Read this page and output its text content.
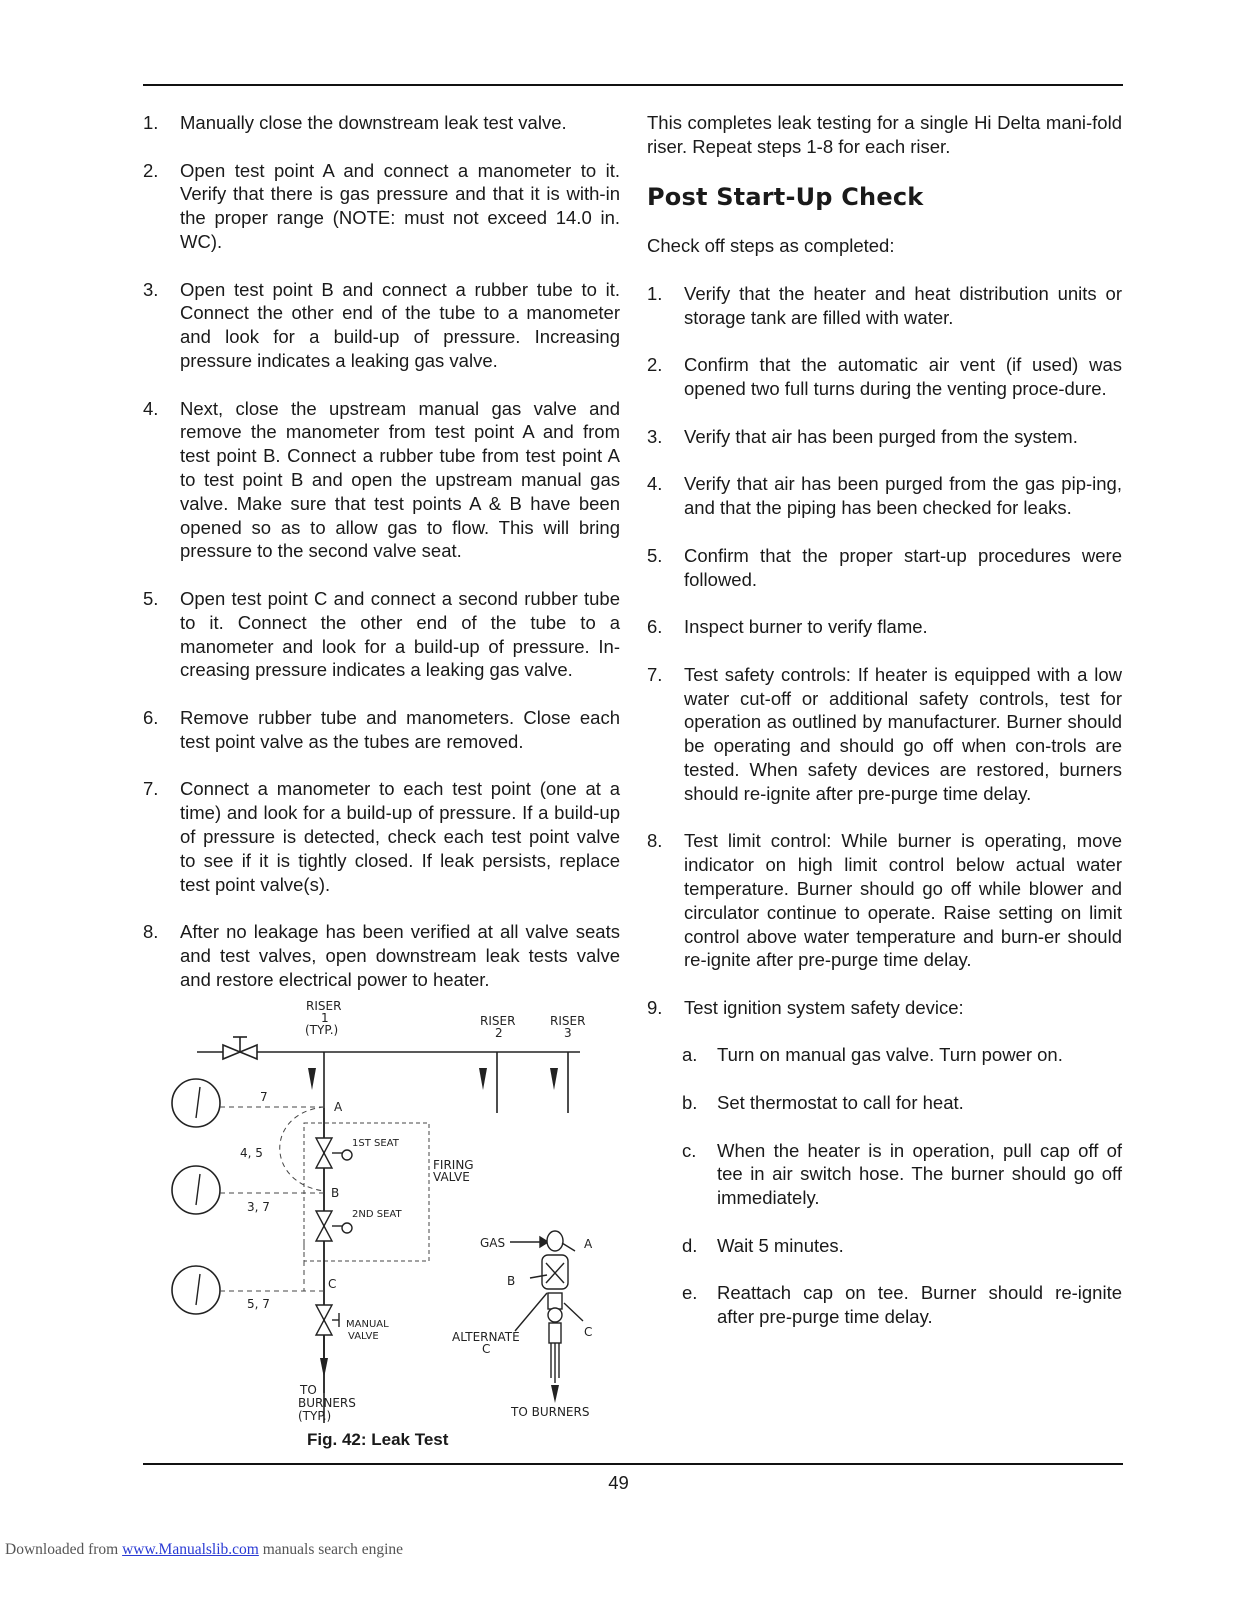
1.	Manually close the downstream leak test valve.
2.	Open test point A and connect a manometer to it. Verify that there is gas pressure and that it is with-in the proper range (NOTE: must not exceed 14.0 in. WC).
3.	Open test point B and connect a rubber tube to it. Connect the other end of the tube to a manometer and look for a build-up of pressure. Increasing pressure indicates a leaking gas valve.
4.	Next, close the upstream manual gas valve and remove the manometer from test point A and from test point B. Connect a rubber tube from test point A to test point B and open the upstream manual gas valve. Make sure that test points A & B have been opened so as to allow gas to flow. This will bring pressure to the second valve seat.
5.	Open test point C and connect a second rubber tube to it. Connect the other end of the tube to a manometer and look for a build-up of pressure. In-creasing pressure indicates a leaking gas valve.
6.	Remove rubber tube and manometers. Close each test point valve as the tubes are removed.
7.	Connect a manometer to each test point (one at a time) and look for a build-up of pressure. If a build-up of pressure is detected, check each test point valve to see if it is tightly closed. If leak persists, replace test point valve(s).
8.	After no leakage has been verified at all valve seats and test valves, open downstream leak tests valve and restore electrical power to heater.
RISER
1
(TYP.)
RISER
2
RISER
3
7
4, 5
3, 7
5, 7
A
B
C
1ST SEAT
2ND SEAT
FIRING
VALVE
MANUAL
VALVE
TO
BURNERS
(TYP.)
GAS	A
B
C
ALTERNATE
C
TO BURNERS
Fig. 42: Leak Test

This completes leak testing for a single Hi Delta mani-fold riser. Repeat steps 1-8 for each riser.

Post Start-Up Check

Check off steps as completed:

1.	Verify that the heater and heat distribution units or storage tank are filled with water.
2.	Confirm that the automatic air vent (if used) was opened two full turns during the venting proce-dure.
3.	Verify that air has been purged from the system.
4.	Verify that air has been purged from the gas pip-ing, and that the piping has been checked for leaks.
5.	Confirm that the proper start-up procedures were followed.
6.	Inspect burner to verify flame.
7.	Test safety controls: If heater is equipped with a low water cut-off or additional safety controls, test for operation as outlined by manufacturer. Burner should be operating and should go off when con-trols are tested. When safety devices are restored, burners should re-ignite after pre-purge time delay.
8.	Test limit control: While burner is operating, move indicator on high limit control below actual water temperature. Burner should go off while blower and circulator continue to operate. Raise setting on limit control above water temperature and burn-er should re-ignite after pre-purge time delay.
9.	Test ignition system safety device:
a.	Turn on manual gas valve. Turn power on.
b.	Set thermostat to call for heat.
c.	When the heater is in operation, pull cap off of tee in air switch hose. The burner should go off immediately.
d.	Wait 5 minutes.
e.	Reattach cap on tee. Burner should re-ignite after pre-purge time delay.
49
Downloaded from www.Manualslib.com manuals search engine
